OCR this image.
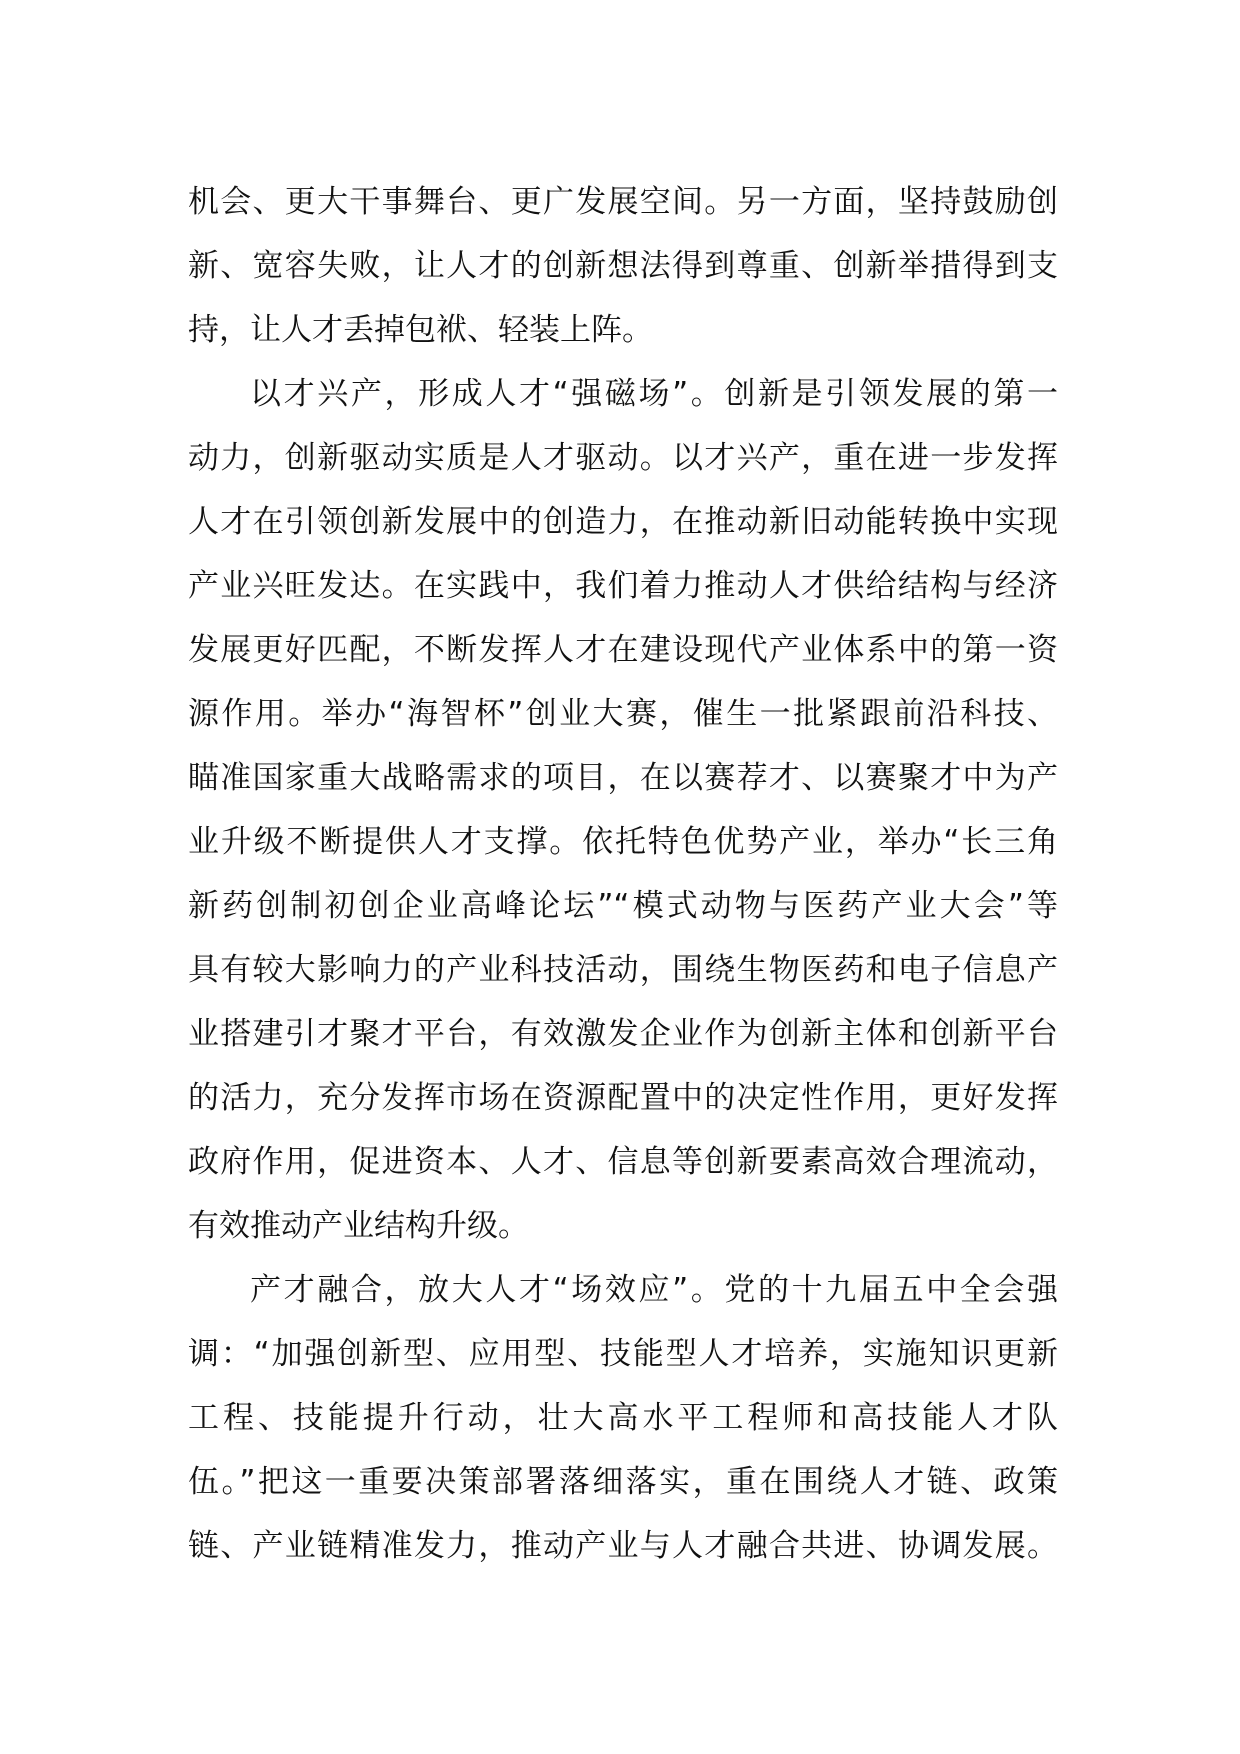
机会、更大干事舞台、更广发展空间。另一方面，坚持鼓励创
新、宽容失败，让人才的创新想法得到尊重、创新举措得到支
持，让人才丢掉包袱、轻装上阵。
以才兴产，形成人才“强磁场”。创新是引领发展的第一
动力，创新驱动实质是人才驱动。以才兴产，重在进一步发挥
人才在引领创新发展中的创造力，在推动新旧动能转换中实现
产业兴旺发达。在实践中，我们着力推动人才供给结构与经济
发展更好匹配，不断发挥人才在建设现代产业体系中的第一资
源作用。举办“海智杯”创业大赛，催生一批紧跟前沿科技、
瞄准国家重大战略需求的项目，在以赛荐才、以赛聚才中为产
业升级不断提供人才支撑。依托特色优势产业，举办“长三角
新药创制初创企业高峰论坛”“模式动物与医药产业大会”等
具有较大影响力的产业科技活动，围绕生物医药和电子信息产
业搭建引才聚才平台，有效激发企业作为创新主体和创新平台
的活力，充分发挥市场在资源配置中的决定性作用，更好发挥
政府作用，促进资本、人才、信息等创新要素高效合理流动，
有效推动产业结构升级。
产才融合，放大人才“场效应”。党的十九届五中全会强
调：“加强创新型、应用型、技能型人才培养，实施知识更新
工程、技能提升行动，壮大高水平工程师和高技能人才队
伍。”把这一重要决策部署落细落实，重在围绕人才链、政策
链、产业链精准发力，推动产业与人才融合共进、协调发展。
